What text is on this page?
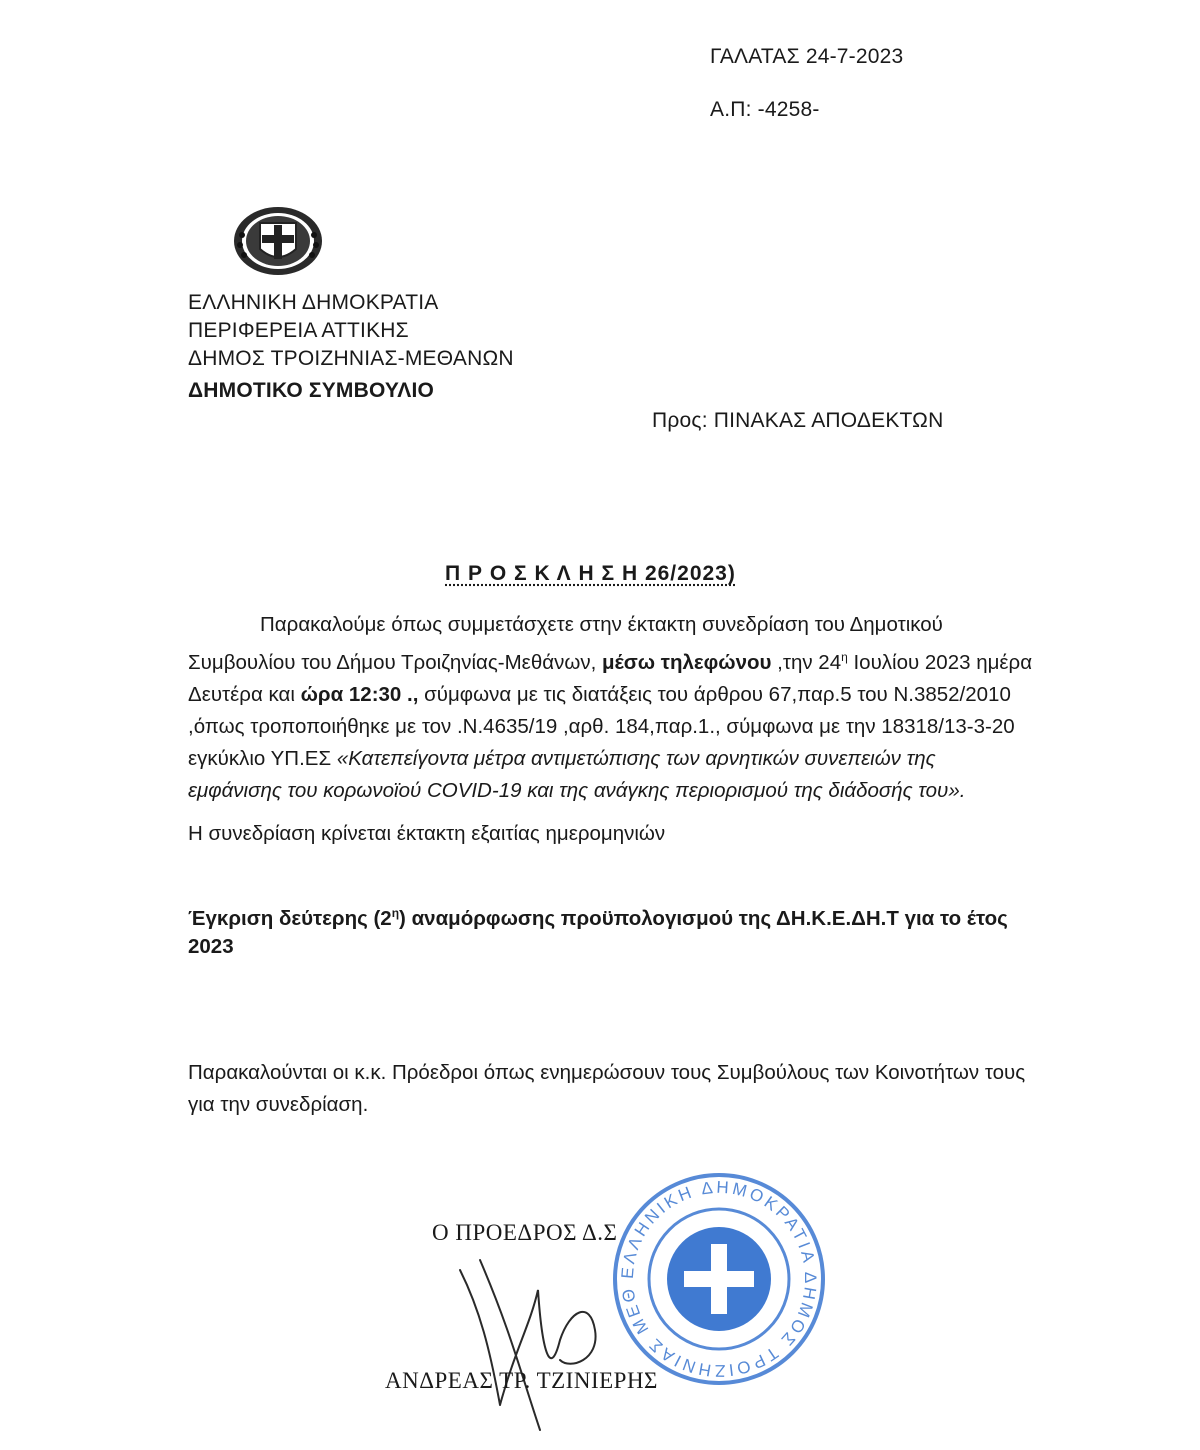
ΓΑΛΑΤΑΣ 24-7-2023
Α.Π: -4258-
ΕΛΛΗΝΙΚΗ ΔΗΜΟΚΡΑΤΙΑ
ΠΕΡΙΦΕΡΕΙΑ ΑΤΤΙΚΗΣ
ΔΗΜΟΣ ΤΡΟΙΖΗΝΙΑΣ-ΜΕΘΑΝΩΝ
ΔΗΜΟΤΙΚΟ ΣΥΜΒΟΥΛΙΟ
Προς: ΠΙΝΑΚΑΣ ΑΠΟΔΕΚΤΩΝ
Π Ρ Ο Σ Κ Λ Η Σ Η 26/2023)
Παρακαλούμε όπως συμμετάσχετε στην έκτακτη συνεδρίαση του Δημοτικού
Συμβουλίου του Δήμου Τροιζηνίας-Μεθάνων, μέσω τηλεφώνου ,την $24^\eta$ Ιουλίου 2023 ημέρα
Δευτέρα και ώρα 12:30 ., σύμφωνα με τις διατάξεις του άρθρου 67,παρ.5 του Ν.3852/2010
,όπως τροποποιήθηκε με τον .Ν.4635/19 ,αρθ. 184,παρ.1., σύμφωνα με την 18318/13-3-20
εγκύκλιο ΥΠ.ΕΣ «Κατεπείγοντα μέτρα αντιμετώπισης των αρνητικών συνεπειών της
εμφάνισης του κορωνοϊού COVID-19 και της ανάγκης περιορισμού της διάδοσής του».
Η συνεδρίαση κρίνεται έκτακτη εξαιτίας ημερομηνιών
Έγκριση δεύτερης $(2^\eta)$ αναμόρφωσης προϋπολογισμού της ΔΗ.Κ.Ε.ΔΗ.Τ για το έτος
2023
Παρακαλούνται οι κ.κ. Πρόεδροι όπως ενημερώσουν τους Συμβούλους των Κοινοτήτων τους
για την συνεδρίαση.
ΕΛΛΗΝΙΚΗ ΔΗΜΟΚΡΑΤΙΑ ΔΗΜΟΣ ΤΡΟΙΖΗΝΙΑΣ ΜΕΘ
Ο ΠΡΟΕΔΡΟΣ Δ.Σ
ΑΝΔΡΕΑΣ ΤΡ. ΤΖΙΝΙΕΡΗΣ
